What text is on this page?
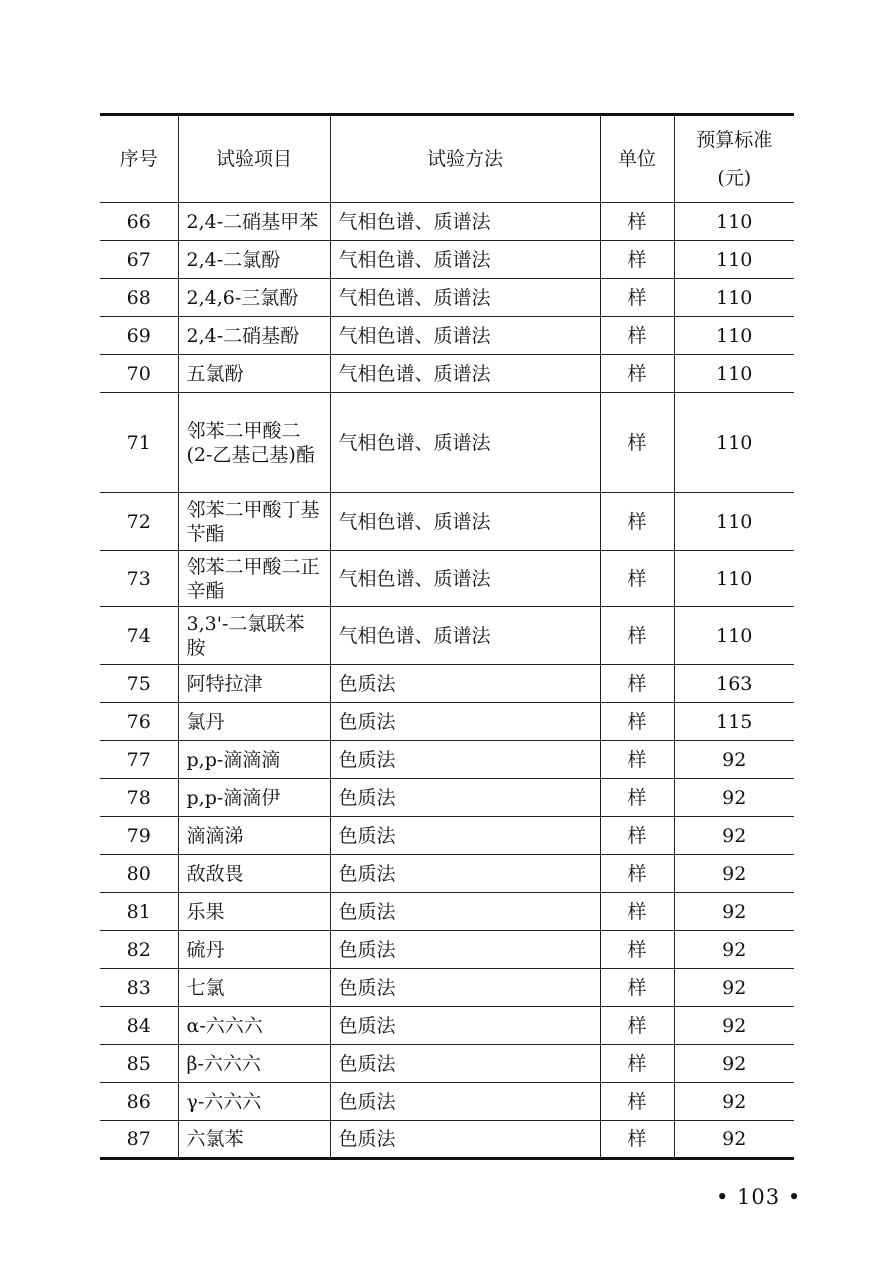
序号	试验项目	试验方法	单位	预算标准
(元)

66	2,4-二硝基甲苯	气相色谱、质谱法	样	110
67	2,4-二氯酚	气相色谱、质谱法	样	110
68	2,4,6-三氯酚	气相色谱、质谱法	样	110
69	2,4-二硝基酚	气相色谱、质谱法	样	110
70	五氯酚	气相色谱、质谱法	样	110
71	邻苯二甲酸二(2-乙基己基)酯	气相色谱、质谱法	样	110
72	邻苯二甲酸丁基苄酯	气相色谱、质谱法	样	110
73	邻苯二甲酸二正辛酯	气相色谱、质谱法	样	110
74	3,3'-二氯联苯胺	气相色谱、质谱法	样	110
75	阿特拉津	色质法	样	163
76	氯丹	色质法	样	115
77	p,p-滴滴滴	色质法	样	92
78	p,p-滴滴伊	色质法	样	92
79	滴滴涕	色质法	样	92
80	敌敌畏	色质法	样	92
81	乐果	色质法	样	92
82	硫丹	色质法	样	92
83	七氯	色质法	样	92
84	α-六六六	色质法	样	92
85	β-六六六	色质法	样	92
86	γ-六六六	色质法	样	92
87	六氯苯	色质法	样	92
• 103 •
